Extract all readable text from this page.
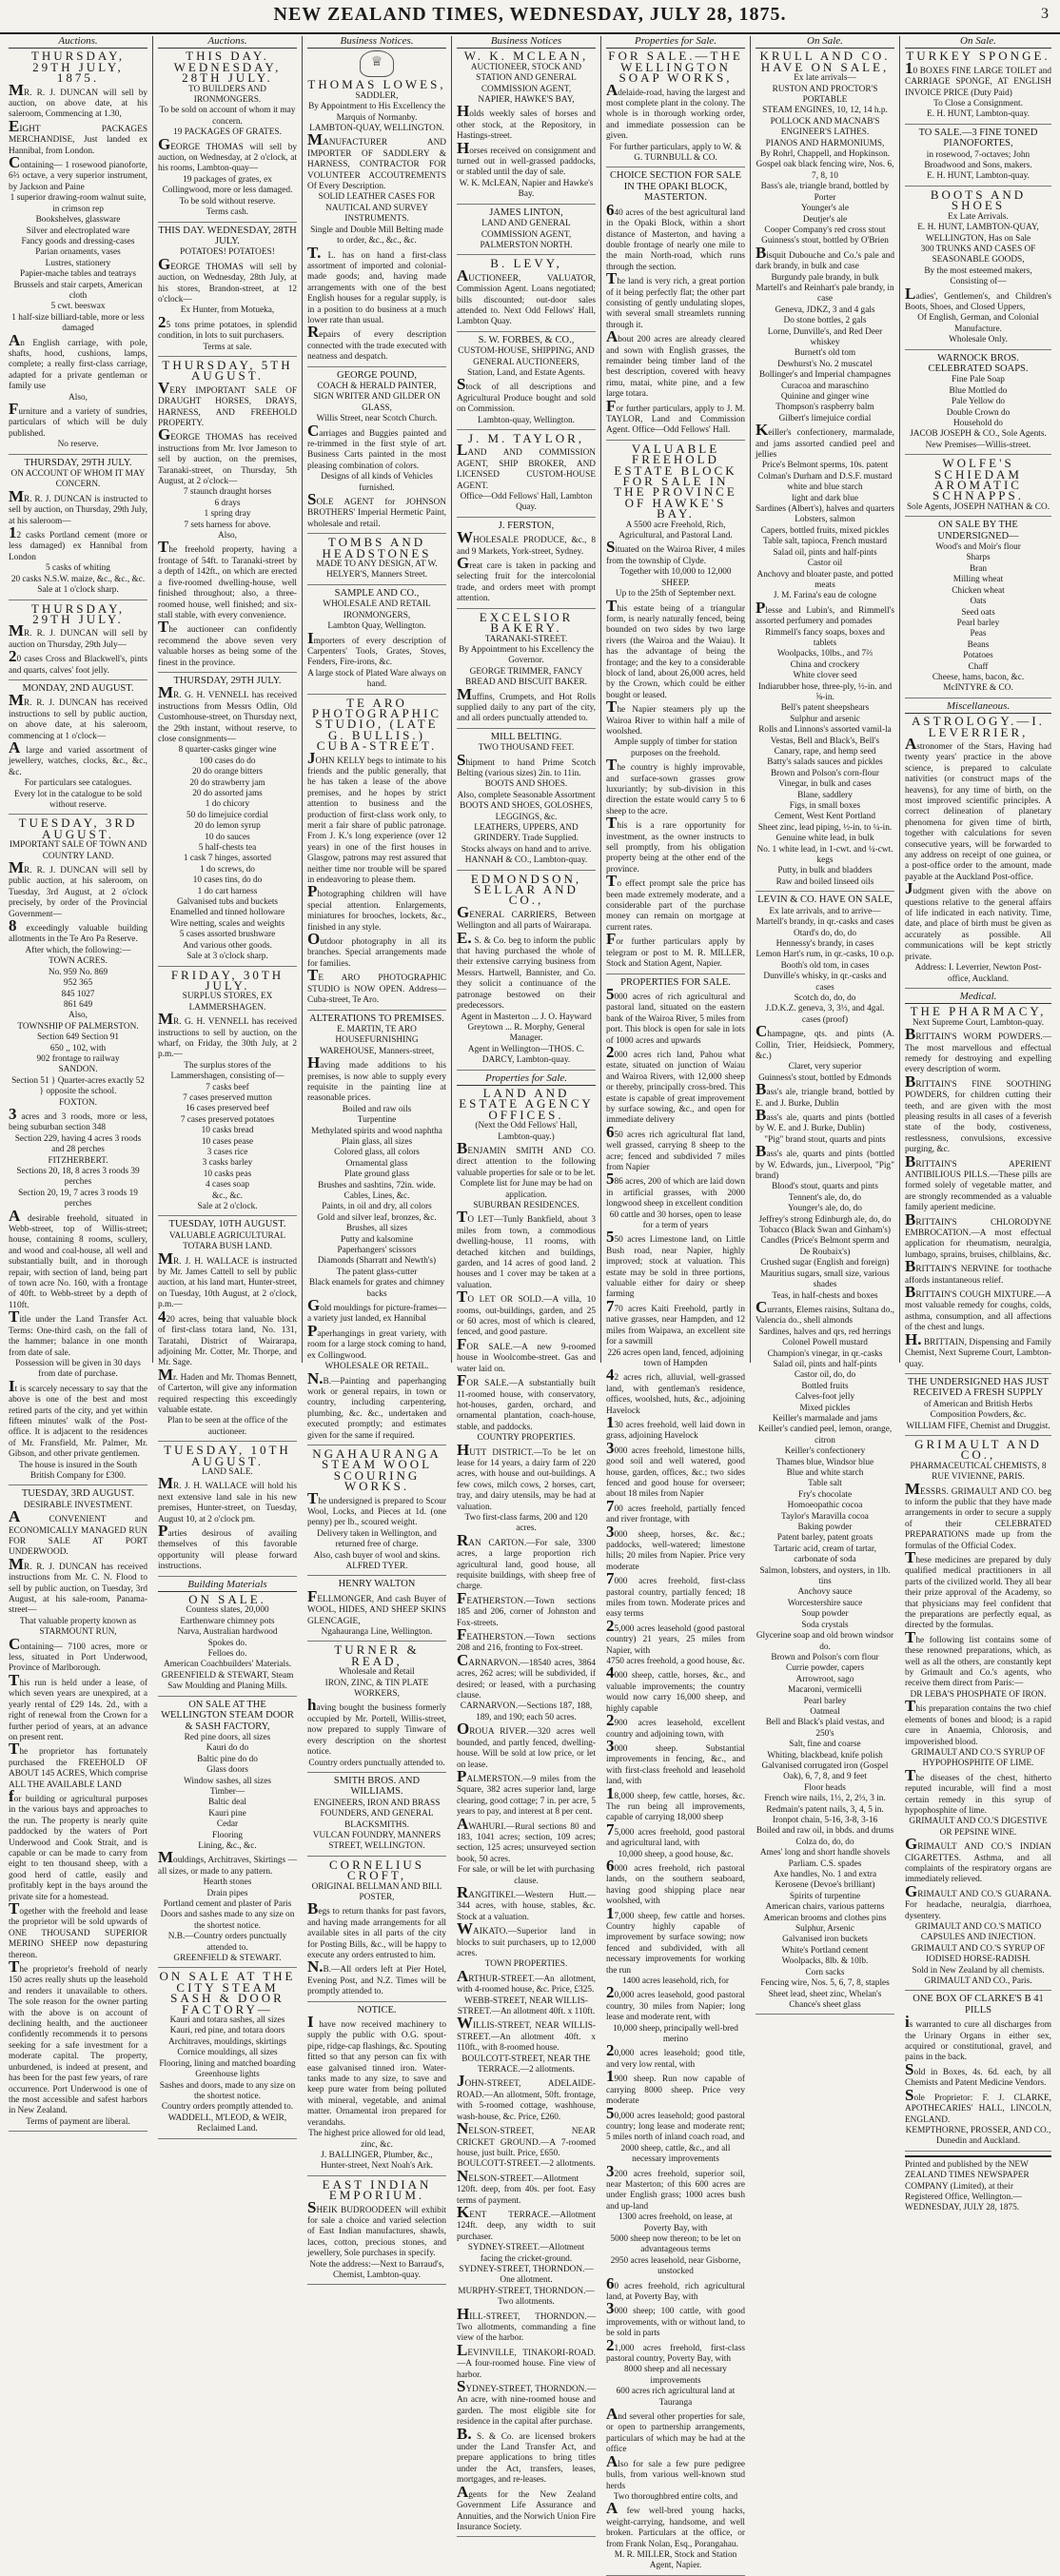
NEW ZEALAND TIMES, WEDNESDAY, JULY 28, 1875.	3
Auctions.
THURSDAY, 29TH JULY, 1875.

MR. R. J. DUNCAN will sell by auction, on above date, at his saleroom, Commencing at 1.30,

EIGHT PACKAGES MERCHANDISE, Just landed ex Hannibal, from London.

Containing— 1 rosewood pianoforte, 6⅔ octave, a very superior instrument, by Jackson and Paine

1 superior drawing-room walnut suite, in crimson rep

Bookshelves, glassware

Silver and electroplated ware

Fancy goods and dressing-cases

Parian ornaments, vases

Lustres, stationery

Papier-mache tables and teatrays

Brussels and stair carpets, American cloth

5 cwt. beeswax

1 half-size billiard-table, more or less damaged

An English carriage, with pole, shafts, hood, cushions, lamps, complete; a really first-class carriage, adapted for a private gentleman or family use

Also,

Furniture and a variety of sundries, particulars of which will be duly published.

No reserve.

THURSDAY, 29TH JULY.

ON ACCOUNT OF WHOM IT MAY CONCERN.

MR. R. J. DUNCAN is instructed to sell by auction, on Thursday, 29th July, at his saleroom—

12 casks Portland cement (more or less damaged) ex Hannibal from London

5 casks of whiting

20 casks N.S.W. maize, &c., &c., &c.

Sale at 1 o'clock sharp.

THURSDAY, 29TH JULY.

MR. R. J. DUNCAN will sell by auction on Thursday, 29th July—

20 cases Cross and Blackwell's, pints and quarts, calves' foot jelly.

MONDAY, 2ND AUGUST.

MR. R. J. DUNCAN has received instructions to sell by public auction, on above date, at his saleroom, commencing at 1 o'clock—

A large and varied assortment of jewellery, watches, clocks, &c., &c., &c.

For particulars see catalogues.

Every lot in the catalogue to be sold without reserve.

TUESDAY, 3RD AUGUST.

IMPORTANT SALE OF TOWN AND COUNTRY LAND.

MR. R. J. DUNCAN will sell by public auction, at his saleroom, on Tuesday, 3rd August, at 2 o'clock precisely, by order of the Provincial Government—

8 exceedingly valuable building allotments in the Te Aro Pa Reserve.

After which, the following:—

TOWN ACRES.

No. 959 No. 869

952 365

845 1027

861 649

Also,

TOWNSHIP OF PALMERSTON.

Section 649 Section 91

650 ,, 102, with

902 frontage to railway

SANDON.

Section 51 } Quarter-acres exactly 52 } opposite the school.

FOXTON.

3 acres and 3 roods, more or less, being suburban section 348

Section 229, having 4 acres 3 roods and 28 perches

FITZHERBERT.

Sections 20, 18, 8 acres 3 roods 39 perches

Section 20, 19, 7 acres 3 roods 19 perches

A desirable freehold, situated in Webb-street, top of Willis-street; house, containing 8 rooms, scullery, and wood and coal-house, all well and substantially built, and in thorough repair, with section of land, being part of town acre No. 160, with a frontage of 40ft. to Webb-street by a depth of 110ft.

Title under the Land Transfer Act. Terms: One-third cash, on the fall of the hammer; balance in one month from date of sale.

Possession will be given in 30 days from date of purchase.

It is scarcely necessary to say that the above is one of the best and most retired parts of the city, and yet within fifteen minutes' walk of the Post-office. It is adjacent to the residences of Mr. Fransfield, Mr. Palmer, Mr. Gibson, and other private gentlemen.

The house is insured in the South British Company for £300.

TUESDAY, 3RD AUGUST.

DESIRABLE INVESTMENT.

A CONVENIENT and ECONOMICALLY MANAGED RUN FOR SALE AT PORT UNDERWOOD.

MR. R. J. DUNCAN has received instructions from Mr. C. N. Flood to sell by public auction, on Tuesday, 3rd August, at his sale-room, Panama-street—

That valuable property known as

STARMOUNT RUN,

Containing— 7100 acres, more or less, situated in Port Underwood, Province of Marlborough.

This run is held under a lease, of which seven years are unexpired, at a yearly rental of £29 14s. 2d., with a right of renewal from the Crown for a further period of years, at an advance on present rent.

The proprietor has fortunately purchased the FREEHOLD OF ABOUT 145 ACRES, Which comprise ALL THE AVAILABLE LAND

for building or agricultural purposes in the various bays and approaches to the run. The property is nearly quite paddocked by the waters of Port Underwood and Cook Strait, and is capable or can be made to carry from eight to ten thousand sheep, with a good herd of cattle, easily and profitably kept in the bays around the private site for a homestead.

Together with the freehold and lease the proprietor will be sold upwards of ONE THOUSAND SUPERIOR MERINO SHEEP now depasturing thereon.

The proprietor's freehold of nearly 150 acres really shuts up the leasehold and renders it unavailable to others. The sole reason for the owner parting with the above is on account of declining health, and the auctioneer confidently recommends it to persons seeking for a safe investment for a moderate capital. The property, unburdened, is indeed at present, and has been for the past few years, of rare occurrence. Port Underwood is one of the most accessible and safest harbors in New Zealand.

Terms of payment are liberal.

Auctions.
THIS DAY. WEDNESDAY, 28TH JULY.

TO BUILDERS AND IRONMONGERS.

To be sold on account of whom it may concern.

19 PACKAGES OF GRATES.

GEORGE THOMAS will sell by auction, on Wednesday, at 2 o'clock, at his rooms, Lambton-quay—

19 packages of grates, ex Collingwood, more or less damaged.

To be sold without reserve.

Terms cash.

THIS DAY. WEDNESDAY, 28TH JULY.

POTATOES! POTATOES!

GEORGE THOMAS will sell by auction, on Wednesday, 28th July, at his stores, Brandon-street, at 12 o'clock—

Ex Hunter, from Motueka,

25 tons prime potatoes, in splendid condition, in lots to suit purchasers.

Terms at sale.

THURSDAY, 5TH AUGUST.

VERY IMPORTANT SALE OF DRAUGHT HORSES, DRAYS, HARNESS, AND FREEHOLD PROPERTY.

GEORGE THOMAS has received instructions from Mr. Ivor Jameson to sell by auction, on the premises, Taranaki-street, on Thursday, 5th August, at 2 o'clock—

7 staunch draught horses

6 drays

1 spring dray

7 sets harness for above.

Also,

The freehold property, having a frontage of 54ft. to Taranaki-street by a depth of 142ft., on which are erected a five-roomed dwelling-house, well finished throughout; also, a three-roomed house, well finished; and six-stall stable, with every convenience.

The auctioneer can confidently recommend the above seven very valuable horses as being some of the finest in the province.

THURSDAY, 29TH JULY.

MR. G. H. VENNELL has received instructions from Messrs Odlin, Old Customhouse-street, on Thursday next, the 29th instant, without reserve, to close consignments—

8 quarter-casks ginger wine

100 cases do do

20 do orange bitters

20 do strawberry jam

20 do assorted jams

1 do chicory

50 do limejuice cordial

20 do lemon syrup

10 do sauces

5 half-chests tea

1 cask 7 hinges, assorted

1 do screws, do

10 cases tins, do do

1 do cart harness

Galvanised tubs and buckets

Enamelled and tinned holloware

Wire netting, scales and weights

5 cases assorted brushware

And various other goods.

Sale at 3 o'clock sharp.

FRIDAY, 30TH JULY.

SURPLUS STORES, EX LAMMERSHAGEN.

MR. G. H. VENNELL has received instructions to sell by auction, on the wharf, on Friday, the 30th July, at 2 p.m.—

The surplus stores of the Lammershagen, consisting of—

7 casks beef

7 cases preserved mutton

16 cases preserved beef

7 cases preserved potatoes

10 casks bread

10 cases pease

3 cases rice

3 casks barley

10 casks peas

4 cases soap

&c., &c.

Sale at 2 o'clock.

TUESDAY, 10TH AUGUST.

VALUABLE AGRICULTURAL TOTARA BUSH LAND.

MR. J. H. WALLACE is instructed by Mr. James Cattell to sell by public auction, at his land mart, Hunter-street, on Tuesday, 10th August, at 2 o'clock, p.m.—

420 acres, being that valuable block of first-class totara land, No. 131, Taratahi, District of Wairarapa, adjoining Mr. Cotter, Mr. Thorpe, and Mr. Sage.

Mr. Haden and Mr. Thomas Bennett, of Carterton, will give any information required respecting this exceedingly valuable estate.

Plan to be seen at the office of the auctioneer.

TUESDAY, 10TH AUGUST.

LAND SALE.

MR. J. H. WALLACE will hold his next extensive land sale in his new premises, Hunter-street, on Tuesday, August 10, at 2 o'clock pm.

Parties desirous of availing themselves of this favorable opportunity will please forward instructions.

Building Materials
ON SALE.

Countess slates, 20,000

Earthenware chimney pots

Narva, Australian hardwood

Spokes do.

Felloes do.

American Coachbuilders' Materials.

GREENFIELD & STEWART, Steam Saw Moulding and Planing Mills.

ON SALE AT THE WELLINGTON STEAM DOOR & SASH FACTORY,

Red pine doors, all sizes

Kauri do do

Baltic pine do do

Glass doors

Window sashes, all sizes

Timber—

Baltic deal

Kauri pine

Cedar

Flooring

Lining, &c., &c.

Mouldings, Architraves, Skirtings — all sizes, or made to any pattern.

Hearth stones

Drain pipes

Portland cement and plaster of Paris

Doors and sashes made to any size on the shortest notice.

N.B.—Country orders punctually attended to.

GREENFIELD & STEWART.

ON SALE AT THE CITY STEAM SASH & DOOR FACTORY—

Kauri and totara sashes, all sizes

Kauri, red pine, and totara doors

Architraves, mouldings, skirtings

Cornice mouldings, all sizes

Flooring, lining and matched boarding

Greenhouse lights

Sashes and doors, made to any size on the shortest notice.

Country orders promptly attended to.

WADDELL, M'LEOD, & WEIR, Reclaimed Land.

Business Notices.
♕
THOMAS LOWES,

SADDLER,

By Appointment to His Excellency the Marquis of Normanby.

LAMBTON-QUAY, WELLINGTON.

MANUFACTURER AND IMPORTER OF SADDLERY & HARNESS, CONTRACTOR FOR VOLUNTEER ACCOUTREMENTS Of Every Description.

SOLID LEATHER CASES FOR NAUTICAL AND SURVEY INSTRUMENTS.

Single and Double Mill Belting made to order, &c., &c., &c.

T. L. has on hand a first-class assortment of imported and colonial-made goods; and, having made arrangements with one of the best English houses for a regular supply, is in a position to do business at a much lower rate than usual.

Repairs of every description connected with the trade executed with neatness and despatch.

GEORGE POUND,

COACH & HERALD PAINTER, SIGN WRITER AND GILDER ON GLASS,

Willis Street, near Scotch Church.

Carriages and Buggies painted and re-trimmed in the first style of art. Business Carts painted in the most pleasing combination of colors.

Designs of all kinds of Vehicles furnished.

SOLE AGENT for JOHNSON BROTHERS' Imperial Hermetic Paint, wholesale and retail.

TOMBS AND HEADSTONES

MADE TO ANY DESIGN, AT W. HELYER'S, Manners Street.

SAMPLE AND CO.,

WHOLESALE AND RETAIL IRONMONGERS,

Lambton Quay, Wellington.

Importers of every description of Carpenters' Tools, Grates, Stoves, Fenders, Fire-irons, &c.

A large stock of Plated Ware always on hand.

TE ARO PHOTOGRAPHIC STUDIO, (LATE G. BULLIS.) CUBA-STREET.

JOHN KELLY begs to intimate to his friends and the public generally, that he has taken a lease of the above premises, and he hopes by strict attention to business and the production of first-class work only, to merit a fair share of public patronage. From J. K.'s long experience (over 12 years) in one of the first houses in Glasgow, patrons may rest assured that neither time nor trouble will be spared in endeavoring to please them.

Photographing children will have special attention. Enlargements, miniatures for brooches, lockets, &c., finished in any style.

Outdoor photography in all its branches. Special arrangements made for families.

TE ARO PHOTOGRAPHIC STUDIO is NOW OPEN. Address—Cuba-street, Te Aro.

ALTERATIONS TO PREMISES.

E. MARTIN, TE ARO HOUSEFURNISHING WAREHOUSE, Manners-street,

Having made additions to his premises, is now able to supply every requisite in the painting line at reasonable prices.

Boiled and raw oils

Turpentine

Methylated spirits and wood naphtha

Plain glass, all sizes

Colored glass, all colors

Ornamental glass

Plate ground glass

Brushes and sashtins, 72in. wide.

Cables, Lines, &c.

Paints, in oil and dry, all colors

Gold and silver leaf, bronzes, &c.

Brushes, all sizes

Putty and kalsomine

Paperhangers' scissors

Diamonds (Sharratt and Newth's)

The patent glass-cutter

Black enamels for grates and chimney backs

Gold mouldings for picture-frames—a variety just landed, ex Hannibal

Paperhangings in great variety, with room for a large stock coming to hand, ex Collingwood.

WHOLESALE OR RETAIL.

N.B.—Painting and paperhanging work or general repairs, in town or country, including carpentering, plumbing, &c. &c., undertaken and executed promptly; and estimates given for the same if required.

NGAHAURANGA STEAM WOOL SCOURING WORKS.

The undersigned is prepared to Scour Wool, Locks, and Pieces at 1d. (one penny) per lb., scoured weight.

Delivery taken in Wellington, and returned free of charge.

Also, cash buyer of wool and skins. ALFRED TYER.

HENRY WALTON

FELLMONGER, And cash Buyer of WOOL, HIDES, AND SHEEP SKINS GLENCAGIE,

Ngahauranga Line, Wellington.

TURNER & READ,

Wholesale and Retail

IRON, ZINC, & TIN PLATE WORKERS,

having bought the business formerly occupied by Mr. Portell, Willis-street, now prepared to supply Tinware of every description on the shortest notice.

Country orders punctually attended to.

SMITH BROS. AND WILLIAMS.

ENGINEERS, IRON AND BRASS FOUNDERS, AND GENERAL BLACKSMITHS.

VULCAN FOUNDRY, MANNERS STREET, WELLINGTON.

CORNELIUS CROFT,

ORIGINAL BELLMAN AND BILL POSTER,

Begs to return thanks for past favors, and having made arrangements for all available sites in all parts of the city for Posting Bills, &c., will be happy to execute any orders entrusted to him.

N.B.—All orders left at Pier Hotel, Evening Post, and N.Z. Times will be promptly attended to.

NOTICE.

I have now received machinery to supply the public with O.G. spout-pipe, ridge-cap flashings, &c. Spouting fitted so that any person can fix with ease galvanised tinned iron. Water-tanks made to any size, to save and keep pure water from being polluted with mineral, vegetable, and animal matter. Ornamental iron prepared for verandahs.

The highest price allowed for old lead, zinc, &c.

J. BALLINGER, Plumber, &c., Hunter-street, Next Noah's Ark.

EAST INDIAN EMPORIUM.

SHEIK BUDROODEEN will exhibit for sale a choice and varied selection of East Indian manufactures, shawls, laces, cotton, precious stones, and jewellery, Sole purchases in specify.

Note the address:—Next to Barraud's, Chemist, Lambton-quay.

Business Notices
W. K. MCLEAN,

AUCTIONEER, STOCK AND STATION AND GENERAL COMMISSION AGENT,

NAPIER, HAWKE'S BAY,

Holds weekly sales of horses and other stock, at the Repository, in Hastings-street.

Horses received on consignment and turned out in well-grassed paddocks, or stabled until the day of sale.

W. K. McLEAN, Napier and Hawke's Bay.

JAMES LINTON,

LAND AND GENERAL COMMISSION AGENT, PALMERSTON NORTH.

B. LEVY,

AUCTIONEER, VALUATOR, Commission Agent. Loans negotiated; bills discounted; out-door sales attended to. Next Odd Fellows' Hall, Lambton Quay.

S. W. FORBES, & CO.,

CUSTOM-HOUSE, SHIPPING, AND GENERAL AUCTIONEERS,

Station, Land, and Estate Agents.

Stock of all descriptions and Agricultural Produce bought and sold on Commission.

Lambton-quay, Wellington.

J. M. TAYLOR,

LAND AND COMMISSION AGENT, SHIP BROKER, AND LICENSED CUSTOM-HOUSE AGENT.

Office—Odd Fellows' Hall, Lambton Quay.

J. FERSTON,

WHOLESALE PRODUCE, &c., 8 and 9 Markets, York-street, Sydney.

Great care is taken in packing and selecting fruit for the intercolonial trade, and orders meet with prompt attention.

EXCELSIOR BAKERY.

TARANAKI-STREET.

By Appointment to his Excellency the Governor.

GEORGE TRIMMER, FANCY BREAD AND BISCUIT BAKER.

Muffins, Crumpets, and Hot Rolls supplied daily to any part of the city, and all orders punctually attended to.

MILL BELTING.

TWO THOUSAND FEET.

Shipment to hand Prime Scotch Belting (various sizes) 2in. to 11in.

BOOTS AND SHOES.

Also, complete Seasonable Assortment

BOOTS AND SHOES, GOLOSHES, LEGGINGS, &c.

LEATHERS, UPPERS, AND GRINDERY. Trade Supplied.

Stocks always on hand and to arrive.

HANNAH & CO., Lambton-quay.

EDMONDSON, SELLAR AND CO.,

GENERAL CARRIERS, Between Wellington and all parts of Wairarapa.

E. S. & Co. beg to inform the public that having purchased the whole of their extensive carrying business from Messrs. Hartwell, Bannister, and Co. they solicit a continuance of the patronage bestowed on their predecessors.

Agent in Masterton ... J. O. Hayward

Greytown ... R. Morphy, General Manager.

Agent in Wellington—THOS. C. DARCY, Lambton-quay.

Properties for Sale.
LAND AND ESTATE AGENCY OFFICES.

(Next the Odd Fellows' Hall, Lambton-quay.)

BENJAMIN SMITH AND CO. direct attention to the following valuable properties for sale or to be let.

Complete list for June may be had on application.

SUBURBAN RESIDENCES.

TO LET—Tunly Bankfield, about 3 miles from town, a commodious dwelling-house, 11 rooms, with detached kitchen and buildings, garden, and 14 acres of good land. 2 houses and 1 cover may be taken at a valuation.

TO LET OR SOLD.—A villa, 10 rooms, out-buildings, garden, and 25 or 60 acres, most of which is cleared, fenced, and good pasture.

FOR SALE.—A new 9-roomed house in Woolcombe-street. Gas and water laid on.

FOR SALE.—A substantially built 11-roomed house, with conservatory, hot-houses, garden, orchard, and ornamental plantation, coach-house, stable, and paddocks.

COUNTRY PROPERTIES.

HUTT DISTRICT.—To be let on lease for 14 years, a dairy farm of 220 acres, with house and out-buildings. A few cows, milch cows, 2 horses, cart, tray, and dairy utensils, may be had at valuation.

Two first-class farms, 200 and 120 acres.

RAN CARTON.—For sale, 3300 acres, a large proportion rich agricultural land, good house, all requisite buildings, with sheep free of charge.

FEATHERSTON.—Town sections 185 and 206, corner of Johnston and Fox-streets.

FEATHERSTON.—Town sections 208 and 216, fronting to Fox-street.

CARNARVON.—18540 acres, 3864 acres, 262 acres; will be subdivided, if desired; or leased, with a purchasing clause.

CARNARVON.—Sections 187, 188, 189, and 190; each 50 acres.

OROUA RIVER.—320 acres well bounded, and partly fenced, dwelling-house. Will be sold at low price, or let on lease.

PALMERSTON.—9 miles from the Square, 382 acres superior land, large clearing, good cottage; 7 in. per acre, 5 years to pay, and interest at 8 per cent.

AWAHURI.—Rural sections 80 and 183, 1041 acres; section, 109 acres; section, 125 acres; unsurveyed section book, 50 acres.

For sale, or will be let with purchasing clause.

RANGITIKEI.—Western Hutt.—344 acres, with house, stables, &c. Stock at a valuation.

WAIKATO.—Superior land in blocks to suit purchasers, up to 12,000 acres.

TOWN PROPERTIES.

ARTHUR-STREET.—An allotment, with 4-roomed house, &c. Price, £325.

WEBB-STREET, NEAR WILLIS-STREET.—An allotment 40ft. x 110ft.

WILLIS-STREET, NEAR WILLIS-STREET.—An allotment 40ft. x 110ft., with 8-roomed house.

BOULCOTT-STREET, NEAR THE TERRACE.—2 allotments.

JOHN-STREET, ADELAIDE-ROAD.—An allotment, 50ft. frontage, with 5-roomed cottage, washhouse, wash-house, &c. Price, £260.

NELSON-STREET, NEAR CRICKET GROUND.—A 7-roomed house, just built. Price, £650.

BOULCOTT-STREET.—2 allotments.

NELSON-STREET.—Allotment 120ft. deep, from 40s. per foot. Easy terms of payment.

KENT TERRACE.—Allotment 124ft. deep, any width to suit purchaser.

SYDNEY-STREET.—Allotment facing the cricket-ground.

SYDNEY-STREET, THORNDON.—One allotment.

MURPHY-STREET, THORNDON.—Two allotments.

HILL-STREET, THORNDON.—Two allotments, commanding a fine view of the harbor.

LEVINVILLE, TINAKORI-ROAD.—A four-roomed house. Fine view of harbor.

SYDNEY-STREET, THORNDON.—An acre, with nine-roomed house and garden. The most eligible site for residence in the capital after purchase.

B. S. & Co. are licensed brokers under the Land Transfer Act, and prepare applications to bring titles under the Act, transfers, leases, mortgages, and re-leases.

Agents for the New Zealand Government Life Assurance and Annuities, and the Norwich Union Fire Insurance Society.

Properties for Sale.
FOR SALE.—THE WELLINGTON SOAP WORKS,

Adelaide-road, having the largest and most complete plant in the colony. The whole is in thorough working order, and immediate possession can be given.

For further particulars, apply to W. & G. TURNBULL & CO.

CHOICE SECTION FOR SALE IN THE OPAKI BLOCK, MASTERTON.

640 acres of the best agricultural land in the Opaki Block, within a short distance of Masterton, and having a double frontage of nearly one mile to the main North-road, which runs through the section.

The land is very rich, a great portion of it being perfectly flat; the other part consisting of gently undulating slopes, with several small streamlets running through it.

About 200 acres are already cleared and sown with English grasses, the remainder being timber land of the best description, covered with heavy rimu, matai, white pine, and a few large totara.

For further particulars, apply to J. M. TAYLOR, Land and Commission Agent. Office—Odd Fellows' Hall.

VALUABLE FREEHOLD ESTATE BLOCK FOR SALE IN THE PROVINCE OF HAWKE'S BAY.

A 5500 acre Freehold, Rich, Agricultural, and Pastoral Land.

Situated on the Wairoa River, 4 miles from the township of Clyde.

Together with 10,000 to 12,000 SHEEP.

Up to the 25th of September next.

This estate being of a triangular form, is nearly naturally fenced, being bounded on two sides by two large rivers (the Wairoa and the Waiau). It has the advantage of being the frontage; and the key to a considerable block of land, about 26,000 acres, held by the Crown, which could be either bought or leased.

The Napier steamers ply up the Wairoa River to within half a mile of woolshed.

Ample supply of timber for station purposes on the freehold.

The country is highly improvable, and surface-sown grasses grow luxuriantly; by sub-division in this direction the estate would carry 5 to 6 sheep to the acre.

This is a rare opportunity for investment, as the owner instructs to sell promptly, from his obligation property being at the other end of the province.

To effect prompt sale the price has been made extremely moderate, and a considerable part of the purchase money can remain on mortgage at current rates.

For further particulars apply by telegram or post to M. R. MILLER, Stock and Station Agent, Napier.

PROPERTIES FOR SALE.

5000 acres of rich agricultural and pastoral land, situated on the eastern bank of the Wairoa River, 5 miles from port. This block is open for sale in lots of 1000 acres and upwards

2000 acres rich land, Pahou what estate, situated on junction of Waiau and Wairoa Rivers, with 12,000 sheep or thereby, principally cross-bred. This estate is capable of great improvement by surface sowing, &c., and open for immediate delivery

650 acres rich agricultural flat land, well grassed, carrying 8 sheep to the acre; fenced and subdivided 7 miles from Napier

586 acres, 200 of which are laid down in artificial grasses, with 2000 longwood sheep in excellent condition

60 cattle and 30 horses, open to lease for a term of years

550 acres Limestone land, on Little Bush road, near Napier, highly improved; stock at valuation. This estate may be sold in three portions, valuable either for dairy or sheep farming

770 acres Kaiti Freehold, partly in native grasses, near Hampden, and 12 miles from Waipawa, an excellent site for a sawmill

226 acres open land, fenced, adjoining town of Hampden

42 acres rich, alluvial, well-grassed land, with gentleman's residence, offices, woolshed, huts, &c., adjoining Havelock

130 acres freehold, well laid down in grass, adjoining Havelock

3000 acres freehold, limestone hills, good soil and well watered, good house, garden, offices, &c.; two sides fenced and good house for overseer; about 18 miles from Napier

700 acres freehold, partially fenced and river frontage, with

3000 sheep, horses, &c. &c.; paddocks, well-watered; limestone hills; 20 miles from Napier. Price very moderate

7000 acres freehold, first-class pastoral country, partially fenced; 18 miles from town. Moderate prices and easy terms

25,000 acres leasehold (good pastoral country) 21 years, 25 miles from Napier, with

4750 acres freehold, a good house, &c.

4000 sheep, cattle, horses, &c., and valuable improvements; the country would now carry 16,000 sheep, and highly capable

2900 acres leasehold, excellent country and adjoining town, with

3000 sheep. Substantial improvements in fencing, &c., and with first-class freehold and leasehold land, with

18,000 sheep, few cattle, horses, &c. The run being all improvements, capable of carrying 18,000 sheep

75,000 acres freehold, good pastoral and agricultural land, with

10,000 sheep, a good house, &c.

6000 acres freehold, rich pastoral lands, on the southern seaboard, having good shipping place near woolshed, with

17,000 sheep, few cattle and horses. Country highly capable of improvement by surface sowing; now fenced and subdivided, with all necessary improvements for working the run

1400 acres leasehold, rich, for

20,000 acres leasehold, good pastoral country, 30 miles from Napier; long lease and moderate rent, with

10,000 sheep, principally well-bred merino

20,000 acres leasehold; good title, and very low rental, with

1900 sheep. Run now capable of carrying 8000 sheep. Price very moderate

50,000 acres leasehold; good pastoral country; long lease and moderate rent; 5 miles north of inland coach road, and

2000 sheep, cattle, &c., and all necessary improvements

3200 acres freehold, superior soil, near Masterton; of this 600 acres are under English grass; 1000 acres bush and up-land

1300 acres freehold, on lease, at Poverty Bay, with

5000 sheep now thereon; to be let on advantageous terms

2950 acres leasehold, near Gisborne, unstocked

60 acres freehold, rich agricultural land, at Poverty Bay, with

3000 sheep; 100 cattle, with good improvements, with or without land, to be sold in parts

21,000 acres freehold, first-class pastoral country, Poverty Bay, with

8000 sheep and all necessary improvements

600 acres rich agricultural land at Tauranga

And several other properties for sale, or open to partnership arrangements, particulars of which may be had at the office

Also for sale a few pure pedigree bulls, from various well-known stud herds

Two thoroughbred entire colts, and

A few well-bred young hacks, weight-carrying, handsome, and well broken. Particulars at the office, or from Frank Nolan, Esq., Porangahau.

M. R. MILLER, Stock and Station Agent, Napier.

On Sale.
KRULL AND CO. HAVE ON SALE,

Ex late arrivals—

RUSTON AND PROCTOR'S PORTABLE

STEAM ENGINES, 10, 12, 14 h.p.

POLLOCK AND MACNAB'S

ENGINEER'S LATHES.

PIANOS AND HARMONIUMS,

By Rohrl, Chappell, and Hopkinson.

Gospel oak black fencing wire, Nos. 6, 7, 8, 10

Bass's ale, triangle brand, bottled by Porter

Younger's ale

Deutjer's ale

Cooper Company's red cross stout

Guinness's stout, bottled by O'Brien

Bisquit Dubouche and Co.'s pale and dark brandy, in bulk and case

Burgundy pale brandy, in bulk

Martell's and Reinhart's pale brandy, in case

Geneva, JDKZ, 3 and 4 gals

Do stone bottles, 2 gals

Lorne, Dunville's, and Red Deer whiskey

Burnett's old tom

Dewhurst's No. 2 muscatel

Bollinger's and Imperial champagnes

Curacoa and maraschino

Quinine and ginger wine

Thompson's raspberry balm

Gilbert's limejuice cordial

Keiller's confectionery, marmalade, and jams assorted candied peel and jellies

Price's Belmont sperms, 10s. patent

Colman's Durham and D.S.F. mustard white and blue starch

light and dark blue

Sardines (Albert's), halves and quarters

Lobsters, salmon

Capers, bottled fruits, mixed pickles

Table salt, tapioca, French mustard

Salad oil, pints and half-pints

Castor oil

Anchovy and bloater paste, and potted meats

J. M. Farina's eau de cologne

Plesse and Lubin's, and Rimmell's assorted perfumery and pomades

Rimmell's fancy soaps, boxes and tablets

Woolpacks, 10lbs., and 7⅔

China and crockery

White clover seed

Indiarubber hose, three-ply, ½-in. and ⅝-in.

Bell's patent sheepshears

Sulphur and arsenic

Rolls and Linnons's assorted vamil-la

Vestas, Bell and Black's, Bell's

Canary, rape, and hemp seed

Batty's salads sauces and pickles

Brown and Polson's corn-flour

Vinegar, in bulk and cases

Blane, saddlery

Figs, in small boxes

Cement, West Kent Portland

Sheet zinc, lead piping, ½-in. to ¼-in.

Genuine white lead, in bulk

No. 1 white lead, in 1-cwt. and ¼-cwt. kegs

Putty, in bulk and bladders

Raw and boiled linseed oils

LEVIN & CO. HAVE ON SALE,

Ex late arrivals, and to arrive—

Martell's brandy, in qr.-casks and cases

Otard's do, do, do

Hennessy's brandy, in cases

Lemon Hart's rum, in qr.-casks, 10 o.p.

Booth's old tom, in cases

Dunville's whisky, in qr.-casks and cases

Scotch do, do, do

J.D.K.Z. geneva, 3, 3⅓, and 4gal. cases (proof)

Champagne, qts. and pints (A. Collin, Trier, Heidsieck, Pommery, &c.)

Claret, very superior

Guinness's stout, bottled by Edmonds

Bass's ale, triangle brand, bottled by E. and J. Burke, Dublin

Bass's ale, quarts and pints (bottled by W. E. and J. Burke, Dublin)

"Pig" brand stout, quarts and pints

Bass's ale, quarts and pints (bottled by W. Edwards, jun., Liverpool, "Pig" brand)

Blood's stout, quarts and pints

Tennent's ale, do, do

Younger's ale, do, do

Jeffrey's strong Edinburgh ale, do, do

Tobacco (Black Swan and Ginham's)

Candles (Price's Belmont sperm and De Roubaix's)

Crushed sugar (English and foreign)

Mauritius sugars, small size, various shades

Teas, in half-chests and boxes

Currants, Elemes raisins, Sultana do., Valencia do., shell almonds

Sardines, halves and qrs, red herrings

Colonel Powell mustard

Champion's vinegar, in qr.-casks

Salad oil, pints and half-pints

Castor oil, do, do

Bottled fruits

Calves-foot jelly

Mixed pickles

Keiller's marmalade and jams

Keiller's candied peel, lemon, orange, citron

Keiller's confectionery

Thames blue, Windsor blue

Blue and white starch

Table salt

Fry's chocolate

Homoeopathic cocoa

Taylor's Maravilla cocoa

Baking powder

Patent barley, patent groats

Tartaric acid, cream of tartar, carbonate of soda

Salmon, lobsters, and oysters, in 1lb. tins

Anchovy sauce

Worcestershire sauce

Soup powder

Soda crystals

Glycerine soap and old brown windsor do.

Brown and Polson's corn flour

Currie powder, capers

Arrowroot, sago

Macaroni, vermicelli

Pearl barley

Oatmeal

Bell and Black's plaid vestas, and 250's

Salt, fine and coarse

Whiting, blackbead, knife polish

Galvanised corrugated iron (Gospel Oak), 6, 7, 8, and 9 feet

Floor heads

French wire nails, 1⅓, 2, 2⅓, 3 in.

Redmain's patent nails, 3, 4, 5 in.

Ironpot chain, 5-16, 3-8, 3-16

Boiled and raw oil, in bbds. and drums

Colza do, do, do

Ames' long and short handle shovels

Parliam. C.S. spades

Axe handles, No. 1 and extra

Kerosene (Devoe's brilliant)

Spirits of turpentine

American chairs, various patterns

American brooms and clothes pins

Sulphur, Arsenic

Galvanised iron buckets

White's Portland cement

Woolpacks, 8lb. & 10lb.

Corn sacks

Fencing wire, Nos. 5, 6, 7, 8, staples

Sheet lead, sheet zinc, Whelan's

Chance's sheet glass

On Sale.
TURKEY SPONGE.

10 BOXES FINE LARGE TOILET and CARRIAGE SPONGE, AT ENGLISH INVOICE PRICE (Duty Paid)

To Close a Consignment.

E. H. HUNT, Lambton-quay.

TO SALE.—3 FINE TONED PIANOFORTES,

in rosewood, 7-octaves; John Broadwood and Sons, makers.

E. H. HUNT, Lambton-quay.

BOOTS AND SHOES

Ex Late Arrivals.

E. H. HUNT, LAMBTON-QUAY, WELLINGTON, Has on Sale

300 TRUNKS AND CASES OF SEASONABLE GOODS,

By the most esteemed makers, Consisting of—

Ladies', Gentlemen's, and Children's Boots, Shoes, and Closed Uppers,

Of English, German, and Colonial Manufacture.

Wholesale Only.

WARNOCK BROS. CELEBRATED SOAPS.

Fine Pale Soap

Blue Mottled do

Pale Yellow do

Double Crown do

Household do

JACOB JOSEPH & CO., Sole Agents.

New Premises—Willis-street.

WOLFE'S SCHIEDAM AROMATIC SCHNAPPS.

Sole Agents, JOSEPH NATHAN & CO.

ON SALE BY THE UNDERSIGNED—

Wood's and Moir's flour

Sharps

Bran

Milling wheat

Chicken wheat

Oats

Seed oats

Pearl barley

Peas

Beans

Potatoes

Chaff

Cheese, hams, bacon, &c.

McINTYRE & CO.

Miscellaneous.
ASTROLOGY.—I. LEVERRIER,

Astronomer of the Stars, Having had twenty years' practice in the above science, is prepared to calculate nativities (or construct maps of the heavens), for any time of birth, on the most improved scientific principles. A correct delineation of planetary phenomena for given time of birth, together with calculations for seven consecutive years, will be forwarded to any address on receipt of one guinea, or a post-office order to the amount, made payable at the Auckland Post-office.

Judgment given with the above on questions relative to the general affairs of life indicated in each nativity. Time, date, and place of birth must be given as accurately as possible. All communications will be kept strictly private.

Address: I. Leverrier, Newton Post-office, Auckland.

Medical.
THE PHARMACY,

Next Supreme Court, Lambton-quay.

BRITTAIN'S WORM POWDERS.—The most marvellous and effectual remedy for destroying and expelling every description of worm.

BRITTAIN'S FINE SOOTHING POWDERS, for children cutting their teeth, and are given with the most pleasing results in all cases of a feverish state of the body, costiveness, restlessness, convulsions, excessive purging, &c.

BRITTAIN'S APERIENT ANTIBILIOUS PILLS.—These pills are formed solely of vegetable matter, and are strongly recommended as a valuable family aperient medicine.

BRITTAIN'S CHLORODYNE EMBROCATION.—A most effectual application for rheumatism, neuralgia, lumbago, sprains, bruises, chilblains, &c.

BRITTAIN'S NERVINE for toothache affords instantaneous relief.

BRITTAIN'S COUGH MIXTURE.—A most valuable remedy for coughs, colds, asthma, consumption, and all affections of the chest and lungs.

H. BRITTAIN, Dispensing and Family Chemist, Next Supreme Court, Lambton-quay.

THE UNDERSIGNED HAS JUST RECEIVED A FRESH SUPPLY

of American and British Herbs Composition Powders, &c.

WILLIAM FIFE, Chemist and Druggist.

GRIMAULT AND CO.,

PHARMACEUTICAL CHEMISTS, 8 RUE VIVIENNE, PARIS.

MESSRS. GRIMAULT AND CO. beg to inform the public that they have made arrangements in order to secure a supply of their CELEBRATED PREPARATIONS made up from the formulas of the Official Codex.

These medicines are prepared by duly qualified medical practitioners in all parts of the civilized world. They all bear their prize approval of the Academy, so that physicians may feel confident that the preparations are perfectly equal, as directed by the formulas.

The following list contains some of these renowned preparations, which, as well as all the others, are constantly kept by Grimault and Co.'s agents, who receive them direct from Paris:—

DR LEBA'S PHOSPHATE OF IRON.

This preparation contains the two chief elements of bones and blood; is a rapid cure in Anaemia, Chlorosis, and impoverished blood.

GRIMAULT AND CO.'S SYRUP OF HYPOPHOSPHITE OF LIME.

The diseases of the chest, hitherto reputed incurable, will find a most certain remedy in this syrup of hypophosphite of lime.

GRIMAULT AND CO.'S DIGESTIVE OR PEPSINE WINE.

GRIMAULT AND CO.'S INDIAN CIGARETTES. Asthma, and all complaints of the respiratory organs are immediately relieved.

GRIMAULT AND CO.'S GUARANA. For headache, neuralgia, diarrhoea, dysentery.

GRIMAULT AND CO.'S MATICO CAPSULES AND INJECTION.

GRIMAULT AND CO.'S SYRUP OF IODISED HORSE-RADISH.

Sold in New Zealand by all chemists.

GRIMAULT AND CO., Paris.

ONE BOX OF CLARKE'S B 41 PILLS

is warranted to cure all discharges from the Urinary Organs in either sex, acquired or constitutional, gravel, and pains in the back.

Sold in Boxes, 4s. 6d. each, by all Chemists and Patent Medicine Vendors.

Sole Proprietor: F. J. CLARKE, APOTHECARIES' HALL, LINCOLN, ENGLAND.

KEMPTHORNE, PROSSER, AND CO., Dunedin and Auckland.

Printed and published by the NEW ZEALAND TIMES NEWSPAPER COMPANY (Limited), at their Registered Office, Wellington.—WEDNESDAY, JULY 28, 1875.
